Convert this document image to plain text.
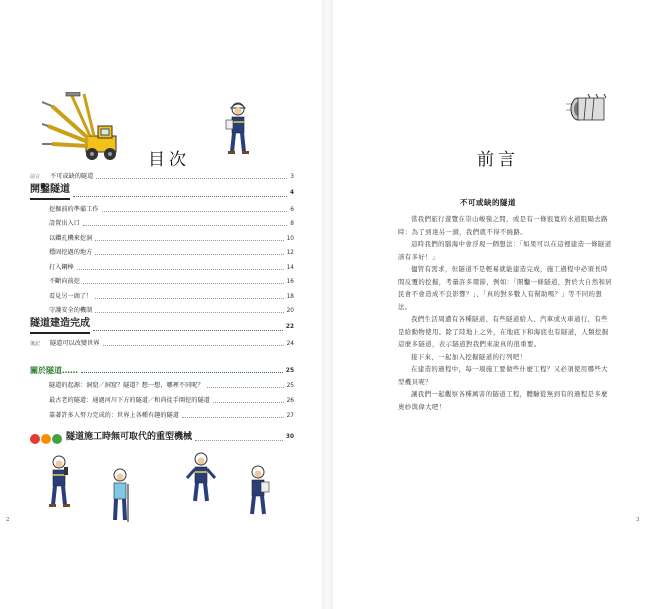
目次	前言
前言	不可或缺的隧道	3
開鑿隧道	4
挖掘前的準備工作	6
設置出入口	8
以鑽孔機來挖洞	10
穩固挖過的地方	12
打入鋼棒	14
不斷向前挖	16
看見另一頭了！	18
守護安全的機制	20
隧道建造完成	22
後記	隧道可以改變世界	24
關於隧道……	25
隧道的起源：洞窟／洞窟？隧道？想一想，哪裡不同呢？	25
最古老的隧道：通過河川下方的隧道／和尚徒手開挖的隧道	26
靠著許多人努力完成的：世界上各種有趣的隧道	27
隧道施工時無可取代的重型機械	30
不可或缺的隧道

當我們旅行遊覽在崇山峻嶺之間，或是有一條很寬的水道阻隔去路時：為了到達另一頭，我們就不得不繞路。

這時我們的腦海中會浮現一個想法：「如果可以在這裡建造一條隧道該有多好！」

儘管有需求，但隧道不是輕易就能建造完成，施工過程中必須長時間反覆的挖掘，考量許多環節，例如：「開鑿一條隧道，對於大自然和居民會不會造成不良影響？」、「真的對多數人有幫助嗎？」等不同的想法。

我們生活周遭有各種隧道，有些隧道給人、汽車或火車通行，有些是給動物使用。除了陸地上之外，在地底下和海底也有隧道，人類挖掘這麼多隧道，表示隧道對我們來說真的很重要。

接下來，一起加入挖掘隧道的行列吧！

在建造的過程中，每一項施工要做些什麼工程？又必須使用哪些大型機具呢？

讓我們一起觀察各種厲害的隧道工程，體驗從無到有的過程是多麼奧妙與偉大吧！

2	3
